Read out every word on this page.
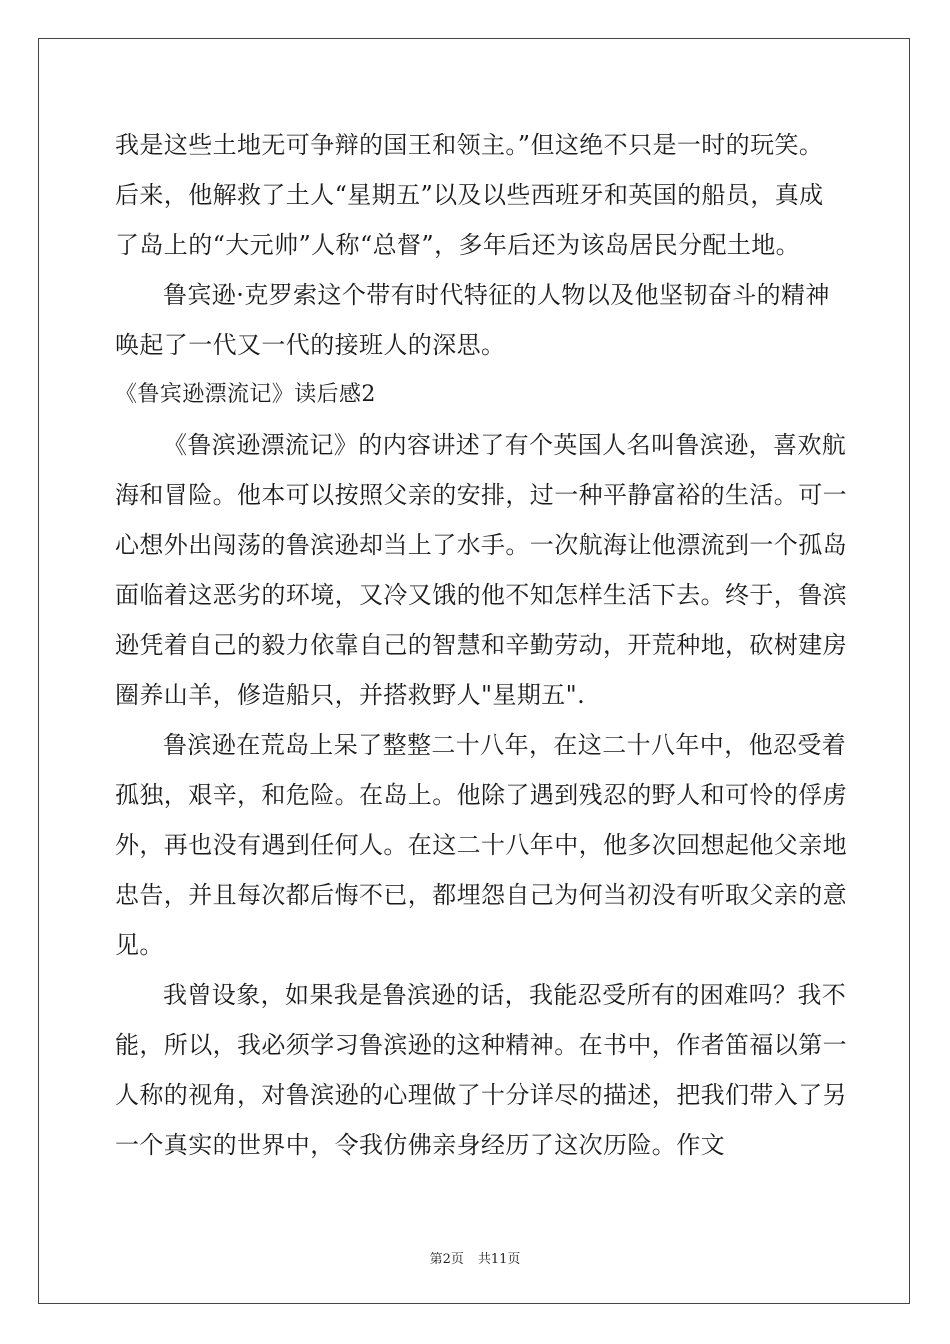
我是这些土地无可争辩的国王和领主。”但这绝不只是一时的玩笑。
后来，他解救了土人“星期五”以及以些西班牙和英国的船员，真成
了岛上的“大元帅”人称“总督”，多年后还为该岛居民分配土地。
鲁宾逊·克罗索这个带有时代特征的人物以及他坚韧奋斗的精神
唤起了一代又一代的接班人的深思。
《鲁宾逊漂流记》读后感2
《鲁滨逊漂流记》的内容讲述了有个英国人名叫鲁滨逊，喜欢航
海和冒险。他本可以按照父亲的安排，过一种平静富裕的生活。可一
心想外出闯荡的鲁滨逊却当上了水手。一次航海让他漂流到一个孤岛
面临着这恶劣的环境，又冷又饿的他不知怎样生活下去。终于，鲁滨
逊凭着自己的毅力依靠自己的智慧和辛勤劳动，开荒种地，砍树建房
圈养山羊，修造船只，并搭救野人"星期五".
鲁滨逊在荒岛上呆了整整二十八年，在这二十八年中，他忍受着
孤独，艰辛，和危险。在岛上。他除了遇到残忍的野人和可怜的俘虏
外，再也没有遇到任何人。在这二十八年中，他多次回想起他父亲地
忠告，并且每次都后悔不已，都埋怨自己为何当初没有听取父亲的意
见。
我曾设象，如果我是鲁滨逊的话，我能忍受所有的困难吗？我不
能，所以，我必须学习鲁滨逊的这种精神。在书中，作者笛福以第一
人称的视角，对鲁滨逊的心理做了十分详尽的描述，把我们带入了另
一个真实的世界中，令我仿佛亲身经历了这次历险。作文
第2页 共11页
